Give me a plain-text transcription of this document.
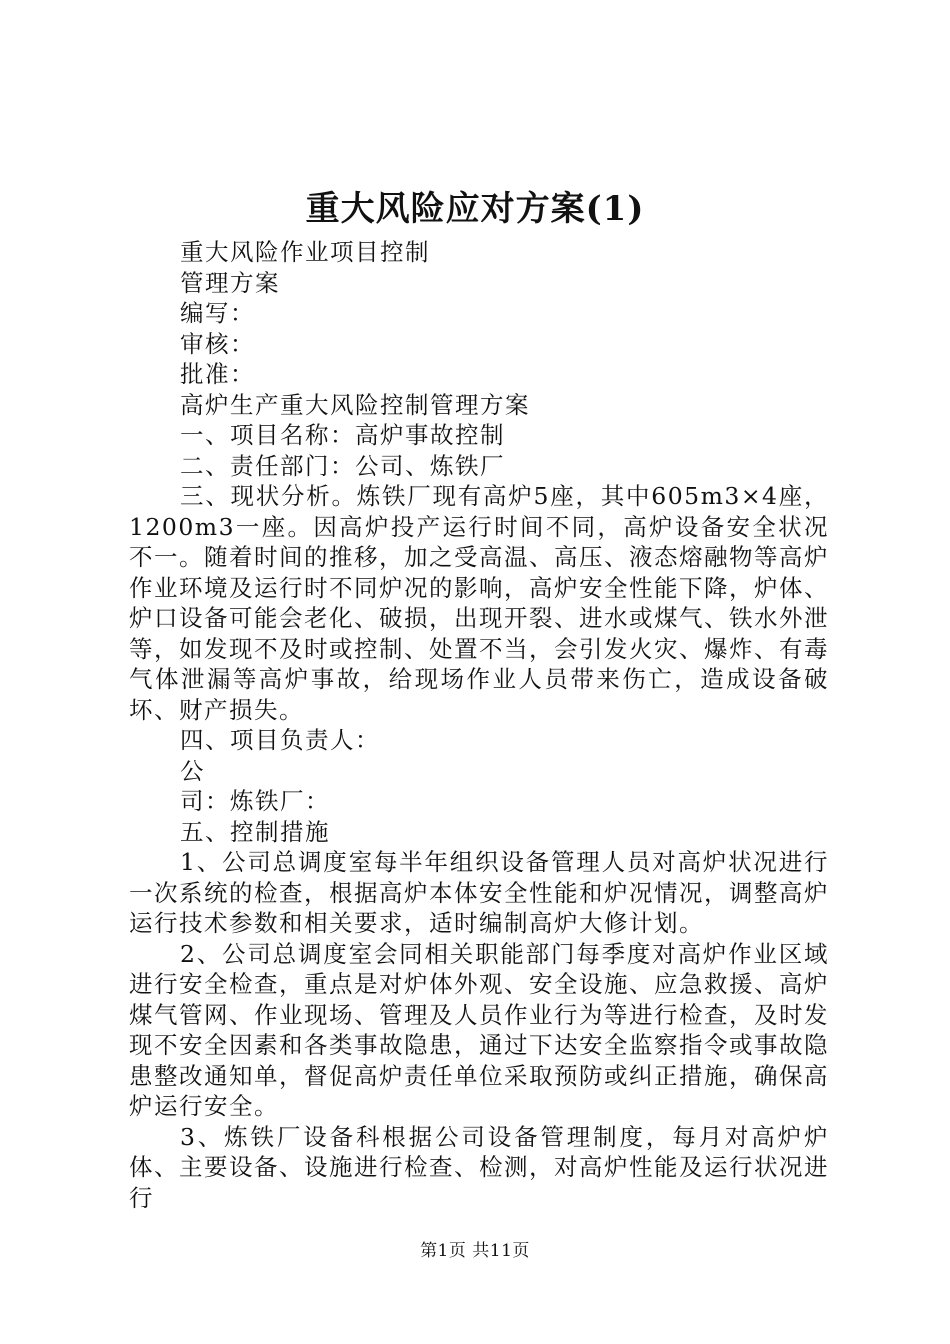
重大风险应对方案(1)

重大风险作业项目控制

管理方案

编写：

审核：

批准：

高炉生产重大风险控制管理方案

一、项目名称：高炉事故控制

二、责任部门：公司、炼铁厂

三、现状分析。炼铁厂现有高炉5座，其中605m3×4座，1200m3一座。因高炉投产运行时间不同，高炉设备安全状况不一。随着时间的推移，加之受高温、高压、液态熔融物等高炉作业环境及运行时不同炉况的影响，高炉安全性能下降，炉体、炉口设备可能会老化、破损，出现开裂、进水或煤气、铁水外泄等，如发现不及时或控制、处置不当，会引发火灾、爆炸、有毒气体泄漏等高炉事故，给现场作业人员带来伤亡，造成设备破坏、财产损失。

四、项目负责人：

公

司：炼铁厂：

五、控制措施

1、公司总调度室每半年组织设备管理人员对高炉状况进行一次系统的检查，根据高炉本体安全性能和炉况情况，调整高炉运行技术参数和相关要求，适时编制高炉大修计划。

2、公司总调度室会同相关职能部门每季度对高炉作业区域进行安全检查，重点是对炉体外观、安全设施、应急救援、高炉煤气管网、作业现场、管理及人员作业行为等进行检查，及时发现不安全因素和各类事故隐患，通过下达安全监察指令或事故隐患整改通知单，督促高炉责任单位采取预防或纠正措施，确保高炉运行安全。

3、炼铁厂设备科根据公司设备管理制度，每月对高炉炉体、主要设备、设施进行检查、检测，对高炉性能及运行状况进行

第1页 共11页
